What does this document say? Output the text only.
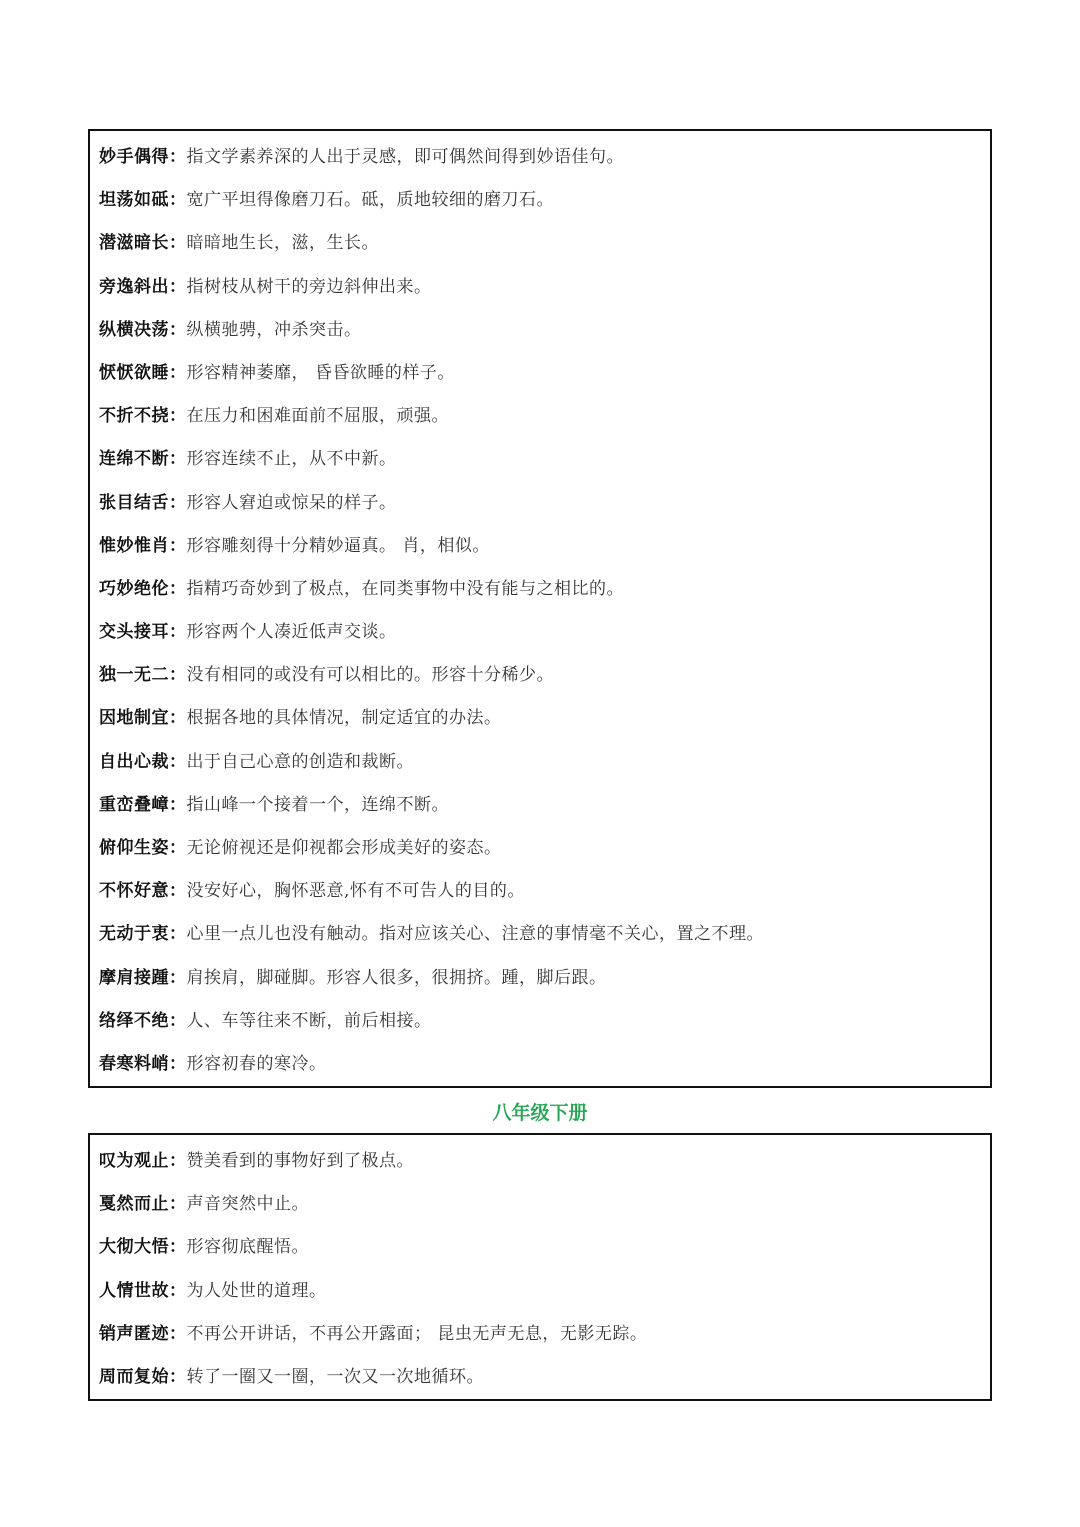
妙手偶得：指文学素养深的人出于灵感，即可偶然间得到妙语佳句。
坦荡如砥：宽广平坦得像磨刀石。砥，质地较细的磨刀石。
潜滋暗长：暗暗地生长，滋，生长。
旁逸斜出：指树枝从树干的旁边斜伸出来。
纵横决荡：纵横驰骋，冲杀突击。
恹恹欲睡：形容精神萎靡， 昏昏欲睡的样子。
不折不挠：在压力和困难面前不屈服，顽强。
连绵不断：形容连续不止，从不中新。
张目结舌：形容人窘迫或惊呆的样子。
惟妙惟肖：形容雕刻得十分精妙逼真。 肖，相似。
巧妙绝伦：指精巧奇妙到了极点，在同类事物中没有能与之相比的。
交头接耳：形容两个人凑近低声交谈。
独一无二：没有相同的或没有可以相比的。形容十分稀少。
因地制宜：根据各地的具体情况，制定适宜的办法。
自出心裁：出于自己心意的创造和裁断。
重峦叠嶂：指山峰一个接着一个，连绵不断。
俯仰生姿：无论俯视还是仰视都会形成美好的姿态。
不怀好意：没安好心，胸怀恶意,怀有不可告人的目的。
无动于衷：心里一点儿也没有触动。指对应该关心、注意的事情毫不关心，置之不理。
摩肩接踵：肩挨肩，脚碰脚。形容人很多，很拥挤。踵，脚后跟。
络绎不绝：人、车等往来不断，前后相接。
春寒料峭：形容初春的寒冷。
八年级下册
叹为观止：赞美看到的事物好到了极点。
戛然而止：声音突然中止。
大彻大悟：形容彻底醒悟。
人情世故：为人处世的道理。
销声匿迹：不再公开讲话，不再公开露面； 昆虫无声无息，无影无踪。
周而复始：转了一圈又一圈，一次又一次地循环。
